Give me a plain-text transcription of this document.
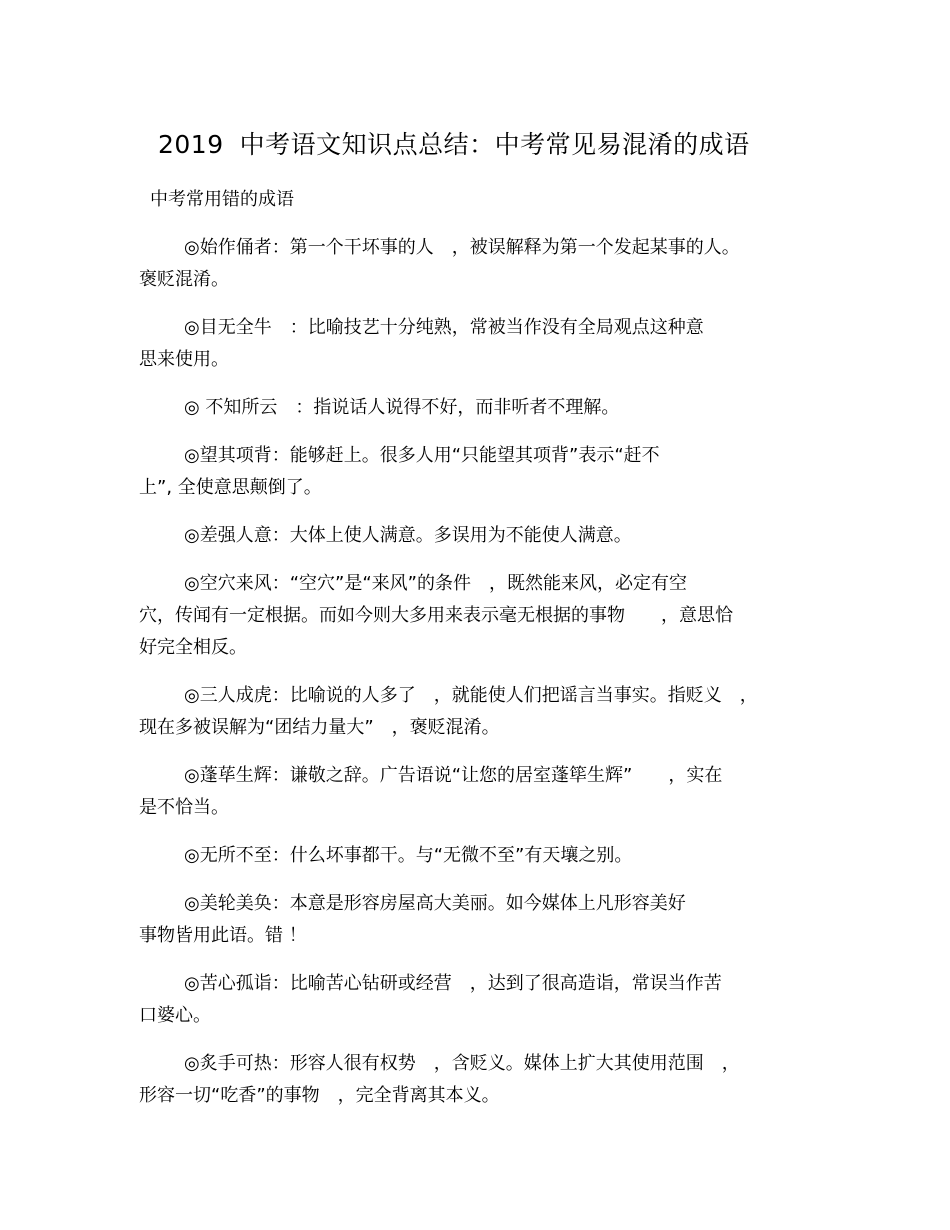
2019 中考语文知识点总结：中考常见易混淆的成语
中考常用错的成语
◎始作俑者：第一个干坏事的人　，被误解释为第一个发起某事的人。
褒贬混淆。
◎目无全牛　：比喻技艺十分纯熟，常被当作没有全局观点这种意
思来使用。
◎ 不知所云　：指说话人说得不好，而非听者不理解。
◎望其项背：能够赶上。很多人用“只能望其项背”表示“赶不
上”, 全使意思颠倒了。
◎差强人意：大体上使人满意。多误用为不能使人满意。
◎空穴来风：“空穴”是“来风”的条件　，既然能来风，必定有空
穴，传闻有一定根据。而如今则大多用来表示毫无根据的事物　　，意思恰
好完全相反。
◎三人成虎：比喻说的人多了　，就能使人们把谣言当事实。指贬义　，
现在多被误解为“团结力量大”　，褒贬混淆。
◎蓬荜生辉：谦敬之辞。广告语说“让您的居室蓬筚生辉”　　，实在
是不恰当。
◎无所不至：什么坏事都干。与“无微不至”有天壤之别。
◎美轮美奂：本意是形容房屋高大美丽。如今媒体上凡形容美好
事物皆用此语。错 ！
◎苦心孤诣：比喻苦心钻研或经营　，达到了很高造诣，常误当作苦
口婆心。
◎炙手可热：形容人很有权势　，含贬义。媒体上扩大其使用范围　，
形容一切“吃香”的事物　，完全背离其本义。
